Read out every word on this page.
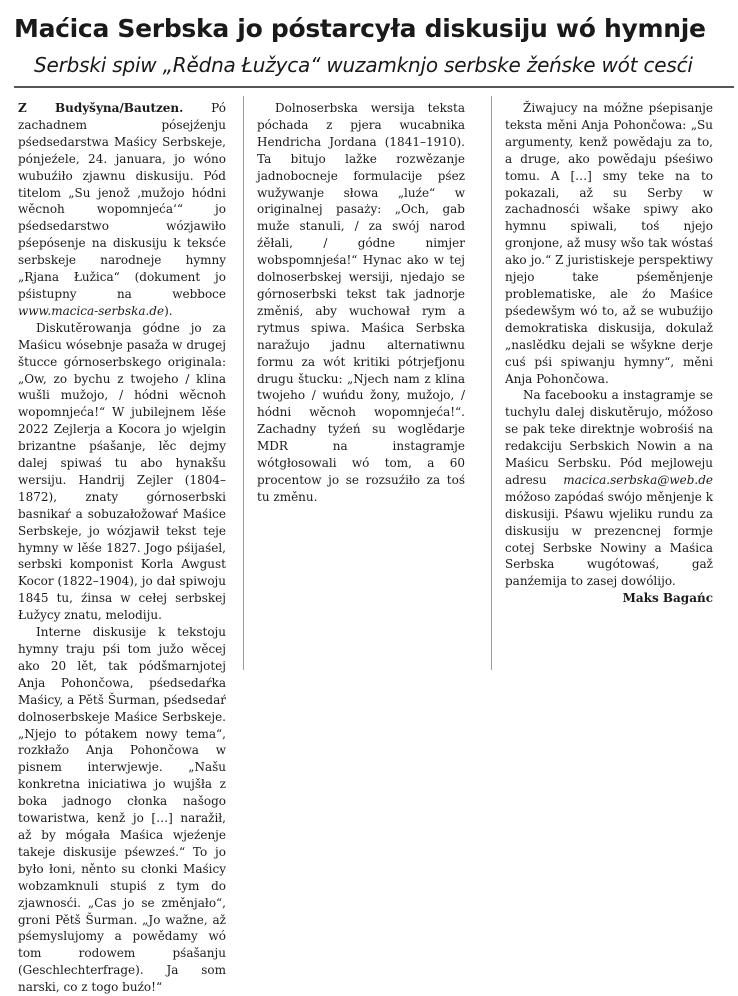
Maćica Serbska jo póstarcyła diskusiju wó hymnje
Serbski spiw „Rědna Łužyca“ wuzamknjo serbske žeńske wót cesći

Z Budyšyna/Bautzen. Pó zachadnem pósejźenju pśedsedarstwa Maśicy Serbskeje, pónjeźele, 24. januara, jo wóno wubuźiło zjawnu diskusiju. Pód titelom „Su jenož ‚mužojo hódni wěcnoh wopomnjeća‘“ jo pśedsedarstwo wózjawiło pśepósenje na diskusiju k teksće serbskeje narodneje hymny „Rjana Łužica“ (dokument jo pśistupny na webboce www.macica-serbska.de).

Diskutěrowanja gódne jo za Maśicu wósebnje pasaža w drugej štucce górnoserbskego originala: „Ow, zo bychu z twojeho / klina wušli mužojo, / hódni wěcnoh wopomnjeća!“ W jubilejnem lěśe 2022 Zejlerja a Kocora jo wjelgin brizantne pśašanje, lěc dejmy dalej spiwaś tu abo hynakšu wersiju. Handrij Zejler (1804–1872), znaty górnoserbski basnikaŕ a sobuzałožowaŕ Maśice Serbskeje, jo wózjawił tekst teje hymny w lěśe 1827. Jogo pśijaśel, serbski komponist Korla Awgust Kocor (1822–1904), jo dał spiwoju 1845 tu, źinsa w cełej serbskej Łužycy znatu, melodiju.

Interne diskusije k tekstoju hymny traju pśi tom južo wěcej ako 20 lět, tak pódšmarnjotej Anja Pohončowa, pśedsedaŕka Maśicy, a Pětš Šurman, pśedsedaŕ dolnoserbskeje Maśice Serbskeje. „Njejo to pótakem nowy tema“, rozkłažo Anja Pohončowa w pisnem interwjewje. „Našu konkretna iniciatiwa jo wujšła z boka jadnogo cłonka našogo towaristwa, kenž jo […] naražił, až by mógała Maśica wjeźenje takeje diskusije pśewześ.“ To jo było łoni, něnto su cłonki Maśicy wobzamknuli stupiś z tym do zjawnosći. „Cas jo se změnjało“, groni Pětš Šurman. „Jo wažne, až pśemyslujomy a powědamy wó tom rodowem pśašanju (Geschlechterfrage). Ja som narski, co z togo buźo!“

Dolnoserbska wersija teksta póchada z pjera wucabnika Hendricha Jordana (1841–1910). Ta bitujo lažke rozwězanje jadnobocneje formulacije pśez wužywanje słowa „luźe“ w originalnej pasaży: „Och, gab muže stanuli, / za swój narod źěłali, / gódne nimjer wobspomnjeśa!“ Hynac ako w tej dolnoserbskej wersiji, njedajo se górnoserbski tekst tak jadnorje změniś, aby wuchował rym a rytmus spiwa. Maśica Serbska naražujo jadnu alternatiwnu formu za wót kritiki pótrjefjonu drugu štucku: „Njech nam z klina twojeho / wuńdu žony, mužojo, / hódni wěcnoh wopomnjeća!“. Zachadny tyźeń su woglědarje MDR na instagramje wótgłosowali wó tom, a 60 procentow jo se rozsuźiło za toś tu změnu.

Žiwajucy na móžne pśepisanje teksta měni Anja Pohončowa: „Su argumenty, kenž powědaju za to, a druge, ako powědaju pśeśiwo tomu. A […] smy teke na to pokazali, až su Serby w zachadnosći wšake spiwy ako hymnu spiwali, toś njejo gronjone, až musy wšo tak wóstaś ako jo.“ Z juristiskeje perspektiwy njejo take pśeměnjenje problematiske, ale źo Maśice pśedewšym wó to, až se wubuźijo demokratiska diskusija, dokulaž „naslědku dejali se wšykne derje cuś pśi spiwanju hymny“, měni Anja Pohončowa.

Na facebooku a instagramje se tuchylu dalej diskutěrujo, móžoso se pak teke direktnje wobrośiś na redakciju Serbskich Nowin a na Maśicu Serbsku. Pód mejloweju adresu macica.serbska@web.de móžoso zapódaś swójo měnjenje k diskusiji. Pśawu wjeliku rundu za diskusiju w prezencnej formje cotej Serbske Nowiny a Maśica Serbska wugótowaś, gaž panźemija to zasej dowólijo.
Maks Bagańc
